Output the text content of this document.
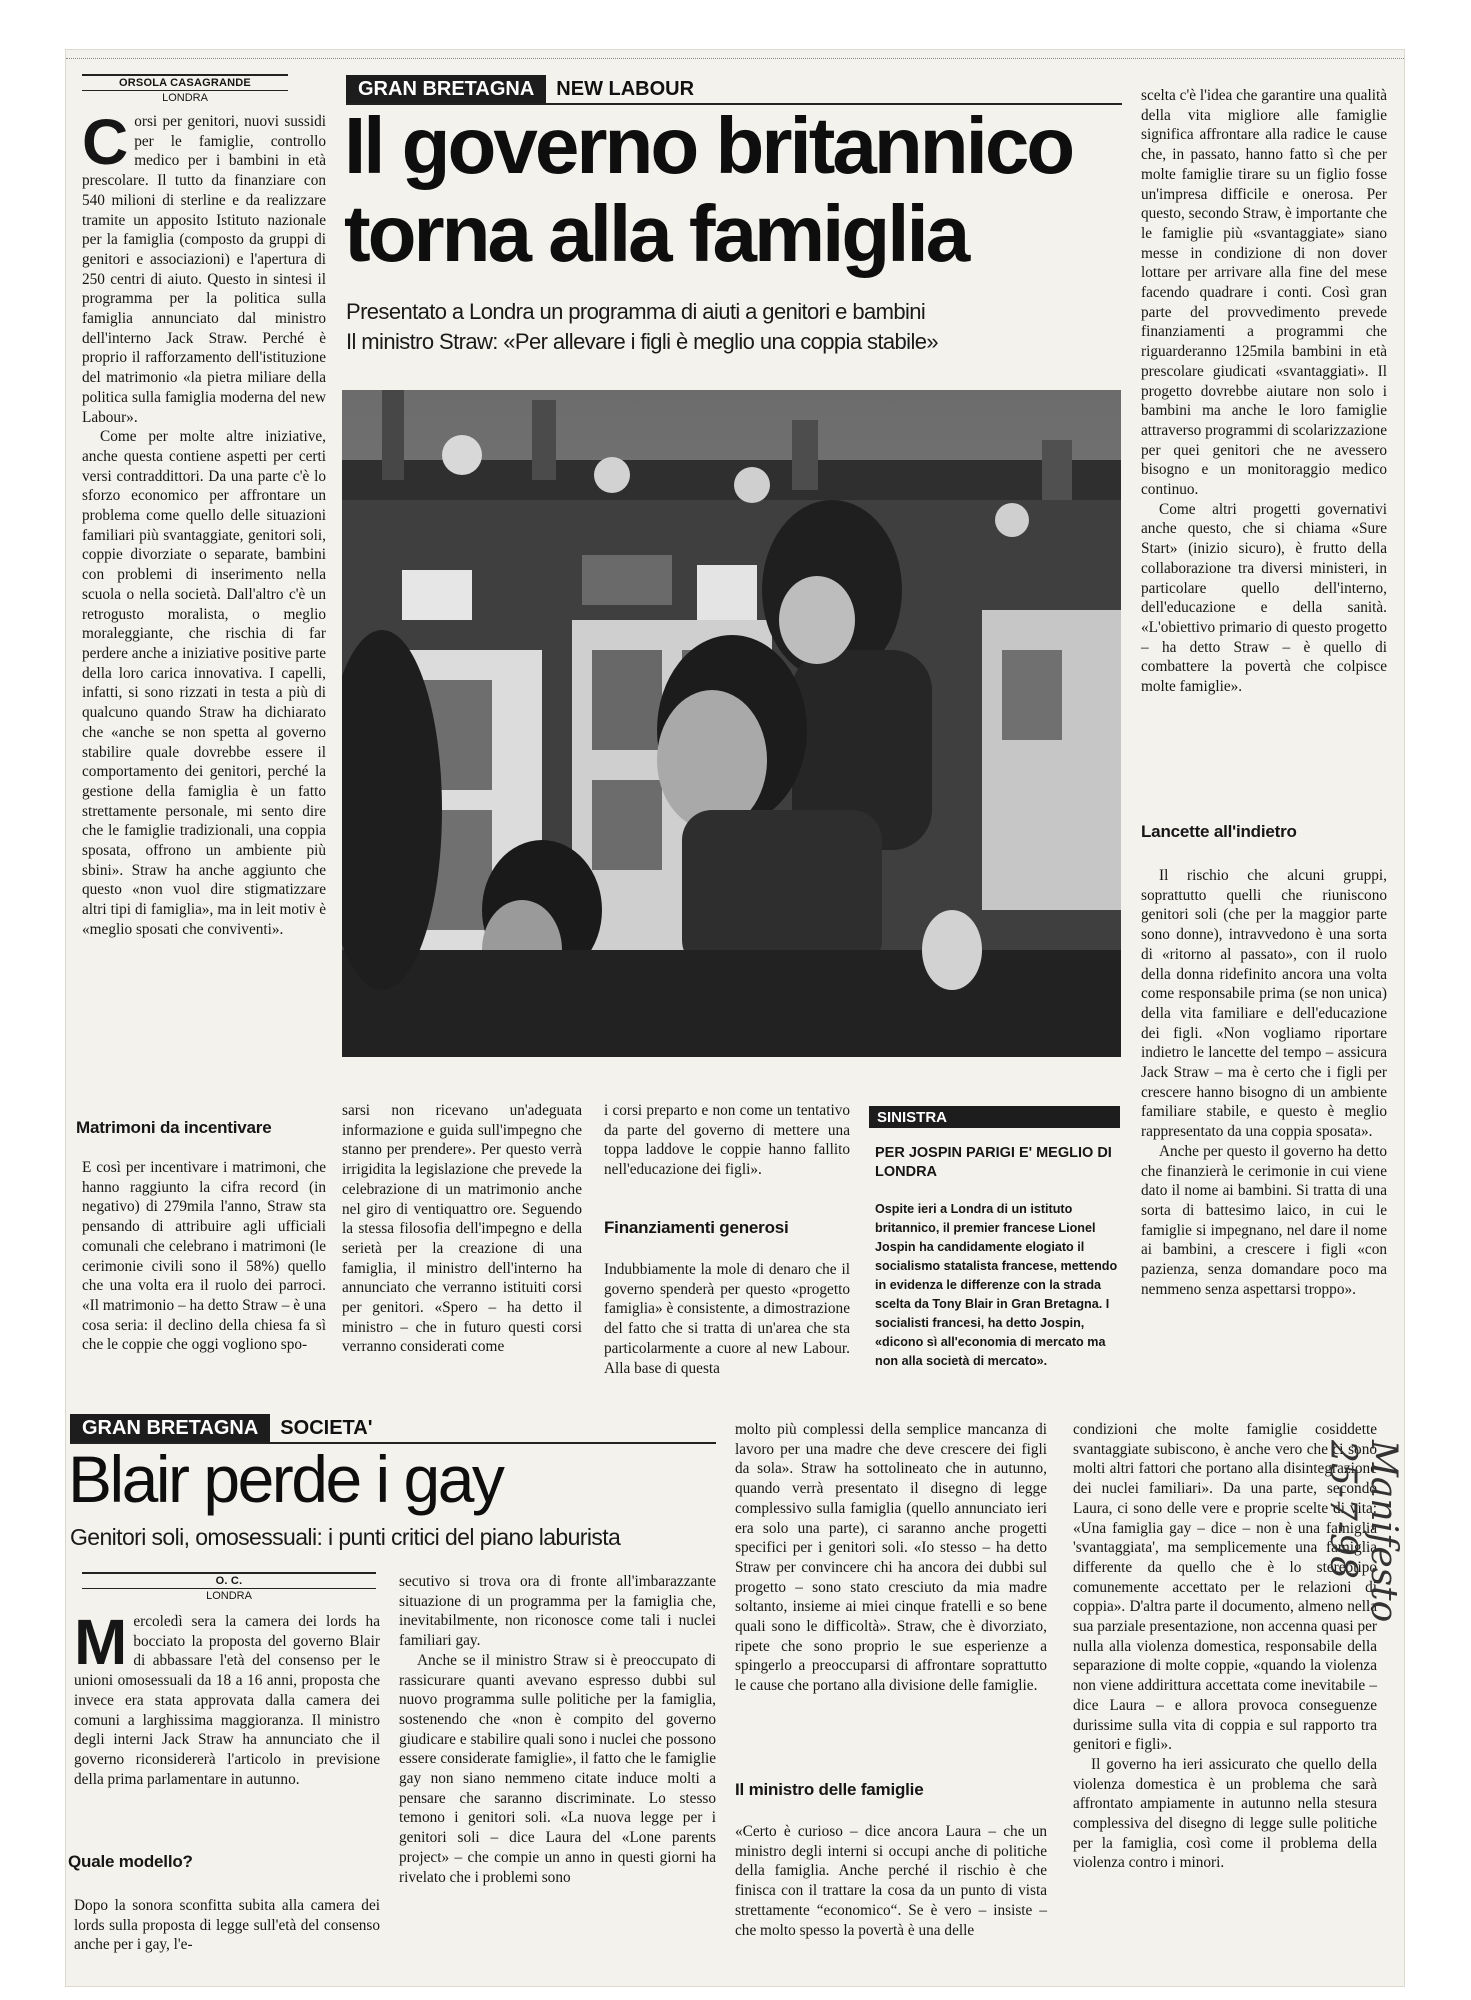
ORSOLA CASAGRANDE
LONDRA	GRAN BRETAGNA NEW LABOUR
Il governo britannico
torna alla famiglia
Presentato a Londra un programma di aiuti a genitori e bambini
Il ministro Straw: «Per allevare i figli è meglio una coppia stabile»

Corsi per genitori, nuovi sussidi per le famiglie, controllo medico per i bambini in età prescolare. Il tutto da finanziare con 540 milioni di sterline e da realizzare tramite un apposito Istituto nazionale per la famiglia (composto da gruppi di genitori e associazioni) e l'apertura di 250 centri di aiuto. Questo in sintesi il programma per la politica sulla famiglia annunciato dal ministro dell'interno Jack Straw. Perché è proprio il rafforzamento dell'istituzione del matrimonio «la pietra miliare della politica sulla famiglia moderna del new Labour».

Come per molte altre iniziative, anche questa contiene aspetti per certi versi contraddittori. Da una parte c'è lo sforzo economico per affrontare un problema come quello delle situazioni familiari più svantaggiate, genitori soli, coppie divorziate o separate, bambini con problemi di inserimento nella scuola o nella società. Dall'altro c'è un retrogusto moralista, o meglio moraleggiante, che rischia di far perdere anche a iniziative positive parte della loro carica innovativa. I capelli, infatti, si sono rizzati in testa a più di qualcuno quando Straw ha dichiarato che «anche se non spetta al governo stabilire quale dovrebbe essere il comportamento dei genitori, perché la gestione della famiglia è un fatto strettamente personale, mi sento dire che le famiglie tradizionali, una coppia sposata, offrono un ambiente più sbini». Straw ha anche aggiunto che questo «non vuol dire stigmatizzare altri tipi di famiglia», ma in leit motiv è «meglio sposati che conviventi».

Matrimoni da incentivare

E così per incentivare i matrimoni, che hanno raggiunto la cifra record (in negativo) di 279mila l'anno, Straw sta pensando di attribuire agli ufficiali comunali che celebrano i matrimoni (le cerimonie civili sono il 58%) quello che una volta era il ruolo dei parroci. «Il matrimonio – ha detto Straw – è una cosa seria: il declino della chiesa fa sì che le coppie che oggi vogliono spo-

sarsi non ricevano un'adeguata informazione e guida sull'impegno che stanno per prendere». Per questo verrà irrigidita la legislazione che prevede la celebrazione di un matrimonio anche nel giro di ventiquattro ore. Seguendo la stessa filosofia dell'impegno e della serietà per la creazione di una famiglia, il ministro dell'interno ha annunciato che verranno istituiti corsi per genitori. «Spero – ha detto il ministro – che in futuro questi corsi verranno considerati come

i corsi preparto e non come un tentativo da parte del governo di mettere una toppa laddove le coppie hanno fallito nell'educazione dei figli».

Finanziamenti generosi

Indubbiamente la mole di denaro che il governo spenderà per questo «progetto famiglia» è consistente, a dimostrazione del fatto che si tratta di un'area che sta particolarmente a cuore al new Labour. Alla base di questa

scelta c'è l'idea che garantire una qualità della vita migliore alle famiglie significa affrontare alla radice le cause che, in passato, hanno fatto sì che per molte famiglie tirare su un figlio fosse un'impresa difficile e onerosa. Per questo, secondo Straw, è importante che le famiglie più «svantaggiate» siano messe in condizione di non dover lottare per arrivare alla fine del mese facendo quadrare i conti. Così gran parte del provvedimento prevede finanziamenti a programmi che riguarderanno 125mila bambini in età prescolare giudicati «svantaggiati». Il progetto dovrebbe aiutare non solo i bambini ma anche le loro famiglie attraverso programmi di scolarizzazione per quei genitori che ne avessero bisogno e un monitoraggio medico continuo.

Come altri progetti governativi anche questo, che si chiama «Sure Start» (inizio sicuro), è frutto della collaborazione tra diversi ministeri, in particolare quello dell'interno, dell'educazione e della sanità. «L'obiettivo primario di questo progetto – ha detto Straw – è quello di combattere la povertà che colpisce molte famiglie».

Lancette all'indietro

Il rischio che alcuni gruppi, soprattutto quelli che riuniscono genitori soli (che per la maggior parte sono donne), intravvedono è una sorta di «ritorno al passato», con il ruolo della donna ridefinito ancora una volta come responsabile prima (se non unica) della vita familiare e dell'educazione dei figli. «Non vogliamo riportare indietro le lancette del tempo – assicura Jack Straw – ma è certo che i figli per crescere hanno bisogno di un ambiente familiare stabile, e questo è meglio rappresentato da una coppia sposata».

Anche per questo il governo ha detto che finanzierà le cerimonie in cui viene dato il nome ai bambini. Si tratta di una sorta di battesimo laico, in cui le famiglie si impegnano, nel dare il nome ai bambini, a crescere i figli «con pazienza, senza domandare poco ma nemmeno senza aspettarsi troppo».

SINISTRA
PER JOSPIN PARIGI E' MEGLIO DI LONDRA
Ospite ieri a Londra di un istituto britannico, il premier francese Lionel Jospin ha candidamente elogiato il socialismo statalista francese, mettendo in evidenza le differenze con la strada scelta da Tony Blair in Gran Bretagna. I socialisti francesi, ha detto Jospin, «dicono sì all'economia di mercato ma non alla società di mercato».
GRAN BRETAGNA SOCIETA'
Blair perde i gay
Genitori soli, omosessuali: i punti critici del piano laburista
O. C.
LONDRA

Mercoledì sera la camera dei lords ha bocciato la proposta del governo Blair di abbassare l'età del consenso per le unioni omosessuali da 18 a 16 anni, proposta che invece era stata approvata dalla camera dei comuni a larghissima maggioranza. Il ministro degli interni Jack Straw ha annunciato che il governo riconsidererà l'articolo in previsione della prima parlamentare in autunno.

Quale modello?

Dopo la sonora sconfitta subita alla camera dei lords sulla proposta di legge sull'età del consenso anche per i gay, l'e-

secutivo si trova ora di fronte all'imbarazzante situazione di un programma per la famiglia che, inevitabilmente, non riconosce come tali i nuclei familiari gay.

Anche se il ministro Straw si è preoccupato di rassicurare quanti avevano espresso dubbi sul nuovo programma sulle politiche per la famiglia, sostenendo che «non è compito del governo giudicare e stabilire quali sono i nuclei che possono essere considerate famiglie», il fatto che le famiglie gay non siano nemmeno citate induce molti a pensare che saranno discriminate. Lo stesso temono i genitori soli. «La nuova legge per i genitori soli – dice Laura del «Lone parents project» – che compie un anno in questi giorni ha rivelato che i problemi sono

molto più complessi della semplice mancanza di lavoro per una madre che deve crescere dei figli da sola». Straw ha sottolineato che in autunno, quando verrà presentato il disegno di legge complessivo sulla famiglia (quello annunciato ieri era solo una parte), ci saranno anche progetti specifici per i genitori soli. «Io stesso – ha detto Straw per convincere chi ha ancora dei dubbi sul progetto – sono stato cresciuto da mia madre soltanto, insieme ai miei cinque fratelli e so bene quali sono le difficoltà». Straw, che è divorziato, ripete che sono proprio le sue esperienze a spingerlo a preoccuparsi di affrontare soprattutto le cause che portano alla divisione delle famiglie.

Il ministro delle famiglie

«Certo è curioso – dice ancora Laura – che un ministro degli interni si occupi anche di politiche della famiglia. Anche perché il rischio è che finisca con il trattare la cosa da un punto di vista strettamente “economico“. Se è vero – insiste – che molto spesso la povertà è una delle

condizioni che molte famiglie cosiddette svantaggiate subiscono, è anche vero che ci sono molti altri fattori che portano alla disintegrazione dei nuclei familiari». Da una parte, secondo Laura, ci sono delle vere e proprie scelte di vita: «Una famiglia gay – dice – non è una famiglia 'svantaggiata', ma semplicemente una famiglia differente da quello che è lo stereotipo comunemente accettato per le relazioni di coppia». D'altra parte il documento, almeno nella sua parziale presentazione, non accenna quasi per nulla alla violenza domestica, responsabile della separazione di molte coppie, «quando la violenza non viene addirittura accettata come inevitabile – dice Laura – e allora provoca conseguenze durissime sulla vita di coppia e sul rapporto tra genitori e figli».

Il governo ha ieri assicurato che quello della violenza domestica è un problema che sarà affrontato ampiamente in autunno nella stesura complessiva del disegno di legge sulle politiche per la famiglia, così come il problema della violenza contro i minori.

Manifesto 25-7-98
